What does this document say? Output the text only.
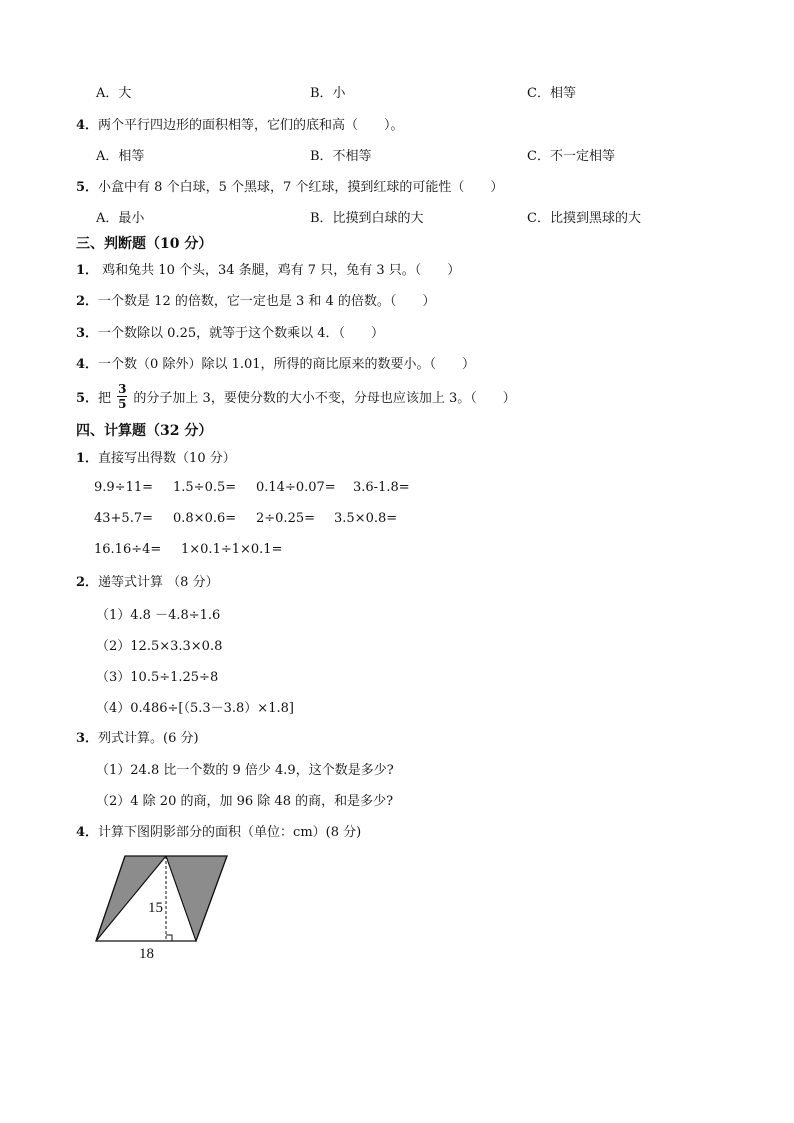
A．大	B．小	C．相等
4．两个平行四边形的面积相等，它们的底和高（　　）。
A．相等	B．不相等	C．不一定相等
5．小盒中有 8 个白球，5 个黑球，7 个红球，摸到红球的可能性（　　）
A．最小	B．比摸到白球的大	C．比摸到黑球的大
三、判断题（10 分）
1． 鸡和兔共 10 个头，34 条腿，鸡有 7 只，兔有 3 只。（　　）
2．一个数是 12 的倍数，它一定也是 3 和 4 的倍数。（　　）
3．一个数除以 0.25，就等于这个数乘以 4．（　　）
4．一个数（0 除外）除以 1.01，所得的商比原来的数要小。（　　）
5． 把 $\frac{3}{5}$ 的分子加上 3，要使分数的大小不变，分母也应该加上 3。（　　）
四、计算题（32 分）
1．直接写出得数（10 分）
9.9÷11= 1.5÷0.5= 0.14÷0.07= 3.6-1.8=
43+5.7= 0.8×0.6= 2÷0.25= 3.5×0.8=
16.16÷4= 1×0.1÷1×0.1=
2．递等式计算 （8 分）
（1）4.8 －4.8÷1.6
（2）12.5×3.3×0.8
（3）10.5÷1.25÷8
（4）0.486÷[（5.3－3.8）×1.8]
3．列式计算。(6 分)
（1）24.8 比一个数的 9 倍少 4.9，这个数是多少?
（2）4 除 20 的商，加 96 除 48 的商，和是多少?
4．计算下图阴影部分的面积（单位：cm）(8 分)
15
18
